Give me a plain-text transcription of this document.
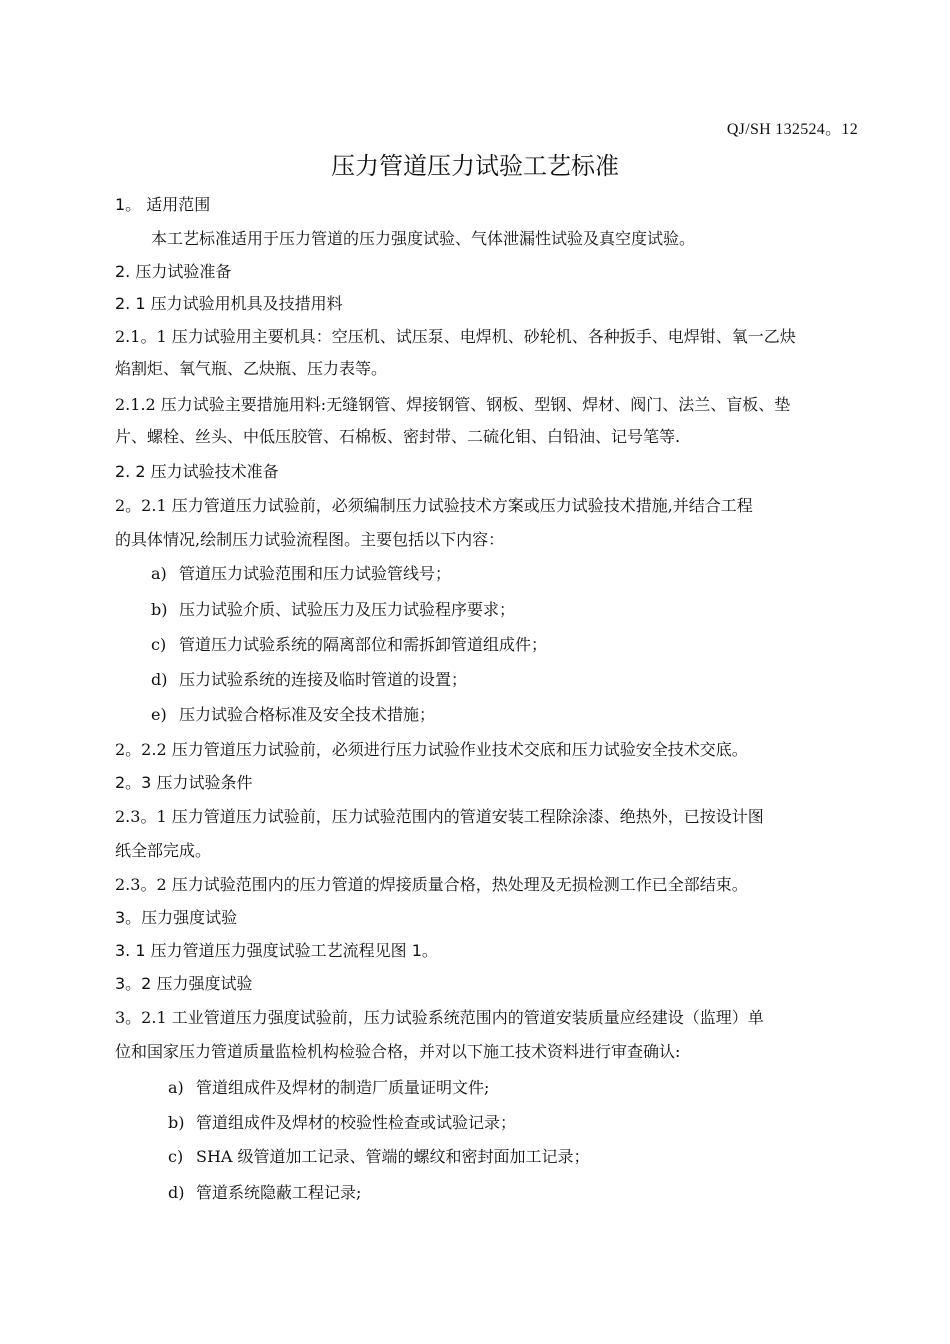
QJ/SH 132524。12
压力管道压力试验工艺标准
1。 适用范围
本工艺标准适用于压力管道的压力强度试验、气体泄漏性试验及真空度试验。
2. 压力试验准备
2. 1 压力试验用机具及技措用料
2.1。1 压力试验用主要机具：空压机、试压泵、电焊机、砂轮机、各种扳手、电焊钳、氧一乙炔
焰割炬、氧气瓶、乙炔瓶、压力表等。
2.1.2 压力试验主要措施用料:无缝钢管、焊接钢管、钢板、型钢、焊材、阀门、法兰、盲板、垫
片、螺栓、丝头、中低压胶管、石棉板、密封带、二硫化钼、白铅油、记号笔等.
2. 2 压力试验技术准备
2。2.1 压力管道压力试验前，必须编制压力试验技术方案或压力试验技术措施,并结合工程
的具体情况,绘制压力试验流程图。主要包括以下内容：
a) 管道压力试验范围和压力试验管线号；
b) 压力试验介质、试验压力及压力试验程序要求；
c) 管道压力试验系统的隔离部位和需拆卸管道组成件；
d) 压力试验系统的连接及临时管道的设置；
e) 压力试验合格标准及安全技术措施；
2。2.2 压力管道压力试验前，必须进行压力试验作业技术交底和压力试验安全技术交底。
2。3 压力试验条件
2.3。1 压力管道压力试验前，压力试验范围内的管道安装工程除涂漆、绝热外，已按设计图
纸全部完成。
2.3。2 压力试验范围内的压力管道的焊接质量合格，热处理及无损检测工作已全部结束。
3。压力强度试验
3. 1 压力管道压力强度试验工艺流程见图 1。
3。2 压力强度试验
3。2.1 工业管道压力强度试验前，压力试验系统范围内的管道安装质量应经建设（监理）单
位和国家压力管道质量监检机构检验合格，并对以下施工技术资料进行审查确认:
a) 管道组成件及焊材的制造厂质量证明文件;
b) 管道组成件及焊材的校验性检查或试验记录；
c) SHA 级管道加工记录、管端的螺纹和密封面加工记录；
d) 管道系统隐蔽工程记录;
